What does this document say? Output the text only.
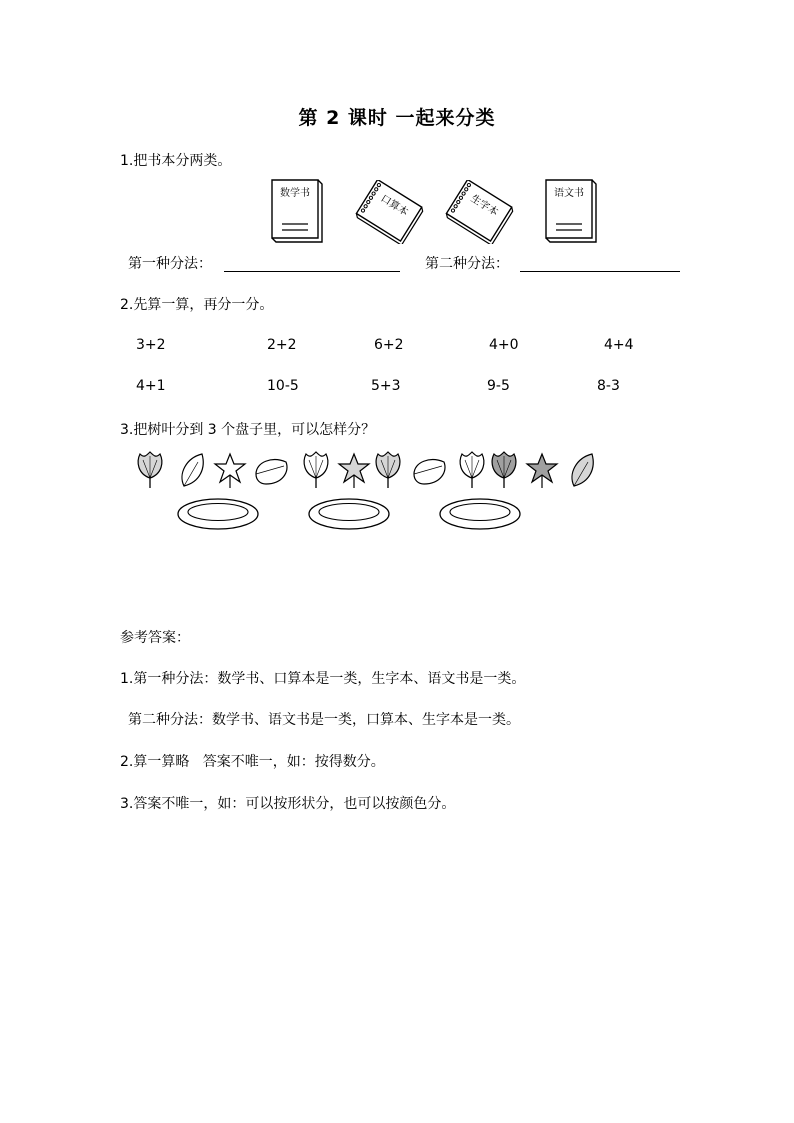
第 2 课时 一起来分类
1.把书本分两类。
数学书	口算本	生字本	语文书
第一种分法：	第二种分法：
2.先算一算，再分一分。
3+2	2+2	6+2	4+0	4+4
4+1	10-5	5+3	9-5	8-3
3.把树叶分到 3 个盘子里，可以怎样分？
参考答案：
1.第一种分法：数学书、口算本是一类，生字本、语文书是一类。
第二种分法：数学书、语文书是一类，口算本、生字本是一类。
2.算一算略   答案不唯一，如：按得数分。
3.答案不唯一，如：可以按形状分，也可以按颜色分。
